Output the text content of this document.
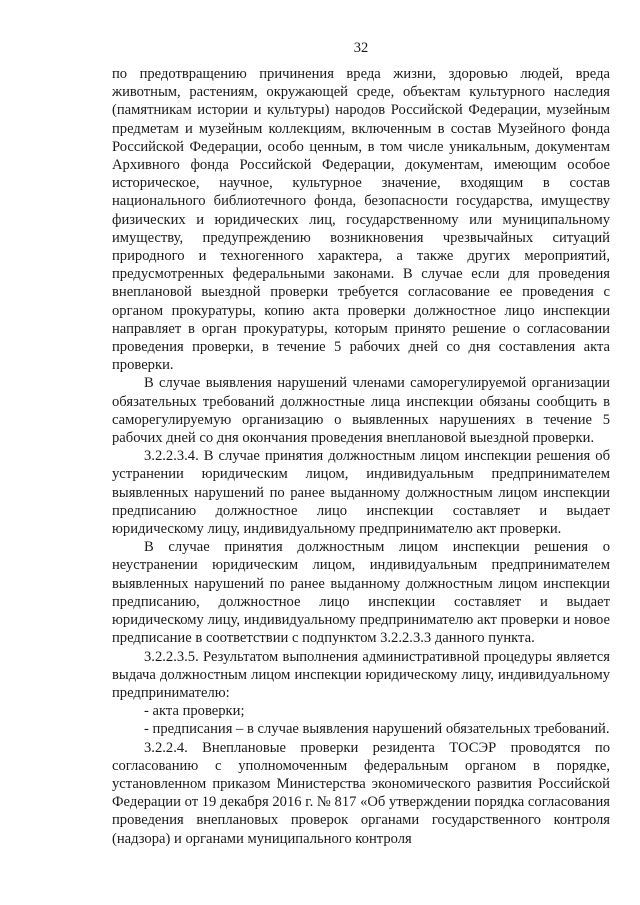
32

по предотвращению причинения вреда жизни, здоровью людей, вреда животным, растениям, окружающей среде, объектам культурного наследия (памятникам истории и культуры) народов Российской Федерации, музейным предметам и музейным коллекциям, включенным в состав Музейного фонда Российской Федерации, особо ценным, в том числе уникальным, документам Архивного фонда Российской Федерации, документам, имеющим особое историческое, научное, культурное значение, входящим в состав национального библиотечного фонда, безопасности государства, имуществу физических и юридических лиц, государственному или муниципальному имуществу, предупреждению возникновения чрезвычайных ситуаций природного и техногенного характера, а также других мероприятий, предусмотренных федеральными законами. В случае если для проведения внеплановой выездной проверки требуется согласование ее проведения с органом прокуратуры, копию акта проверки должностное лицо инспекции направляет в орган прокуратуры, которым принято решение о согласовании проведения проверки, в течение 5 рабочих дней со дня составления акта проверки.

В случае выявления нарушений членами саморегулируемой организации обязательных требований должностные лица инспекции обязаны сообщить в саморегулируемую организацию о выявленных нарушениях в течение 5 рабочих дней со дня окончания проведения внеплановой выездной проверки.

3.2.2.3.4. В случае принятия должностным лицом инспекции решения об устранении юридическим лицом, индивидуальным предпринимателем выявленных нарушений по ранее выданному должностным лицом инспекции предписанию должностное лицо инспекции составляет и выдает юридическому лицу, индивидуальному предпринимателю акт проверки.

В случае принятия должностным лицом инспекции решения о неустранении юридическим лицом, индивидуальным предпринимателем выявленных нарушений по ранее выданному должностным лицом инспекции предписанию, должностное лицо инспекции составляет и выдает юридическому лицу, индивидуальному предпринимателю акт проверки и новое предписание в соответствии с подпунктом 3.2.2.3.3 данного пункта.

3.2.2.3.5. Результатом выполнения административной процедуры является выдача должностным лицом инспекции юридическому лицу, индивидуальному предпринимателю:

- акта проверки;

- предписания – в случае выявления нарушений обязательных требований.

3.2.2.4. Внеплановые проверки резидента ТОСЭР проводятся по согласованию с уполномоченным федеральным органом в порядке, установленном приказом Министерства экономического развития Российской Федерации от 19 декабря 2016 г. № 817 «Об утверждении порядка согласования проведения внеплановых проверок органами государственного контроля (надзора) и органами муниципального контроля
